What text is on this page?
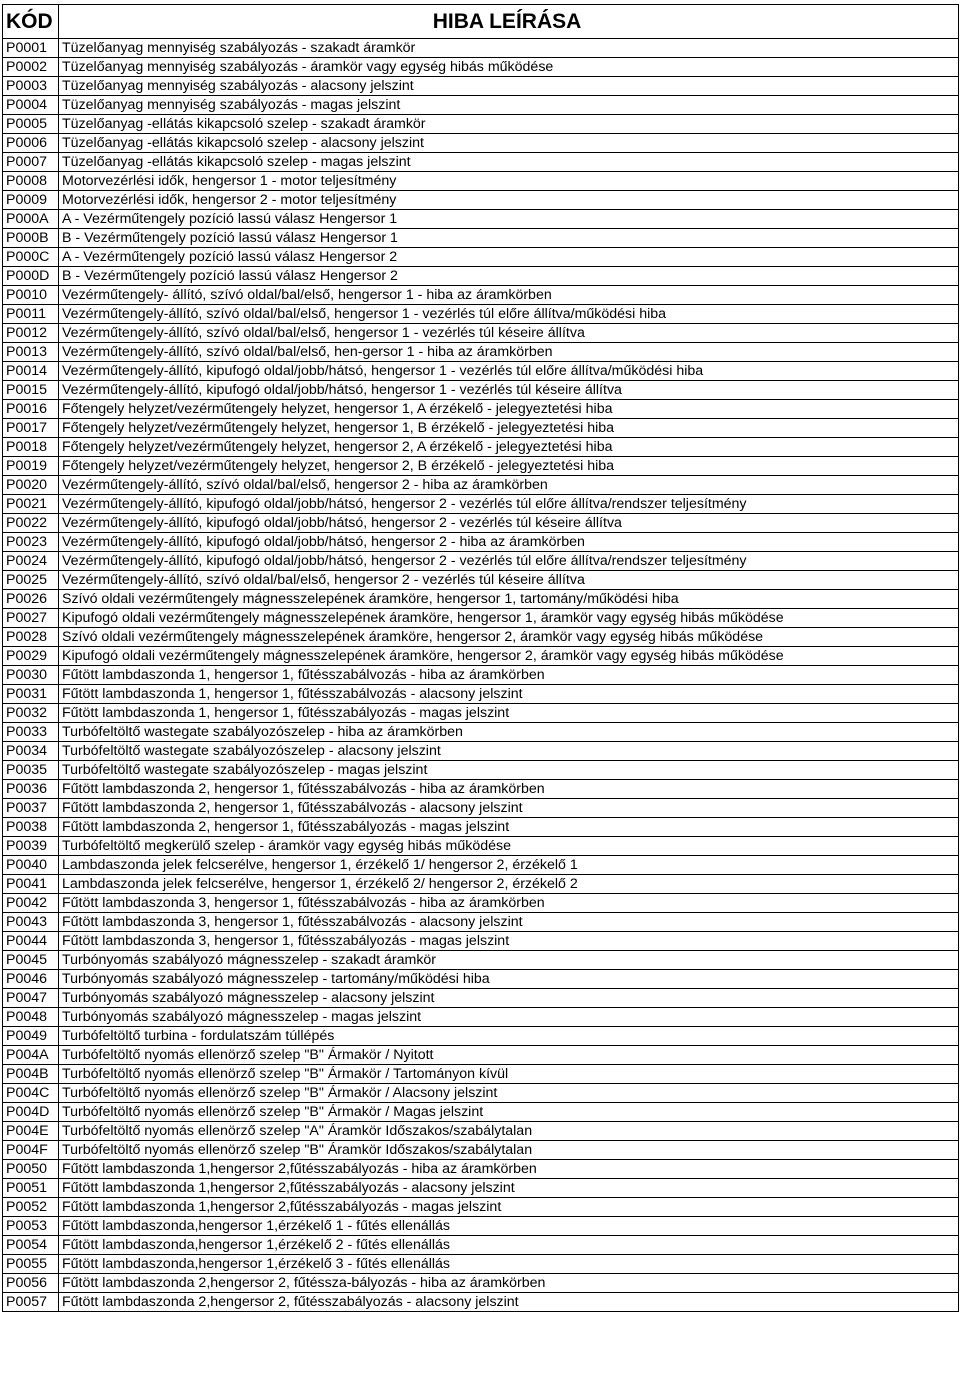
KÓD	HIBA LEÍRÁSA
P0001	Tüzelőanyag mennyiség szabályozás - szakadt áramkör
P0002	Tüzelőanyag mennyiség szabályozás - áramkör vagy egység hibás működése
P0003	Tüzelőanyag mennyiség szabályozás - alacsony jelszint
P0004	Tüzelőanyag mennyiség szabályozás - magas jelszint
P0005	Tüzelőanyag -ellátás kikapcsoló szelep - szakadt áramkör
P0006	Tüzelőanyag -ellátás kikapcsoló szelep - alacsony jelszint
P0007	Tüzelőanyag -ellátás kikapcsoló szelep - magas jelszint
P0008	Motorvezérlési idők, hengersor 1 - motor teljesítmény
P0009	Motorvezérlési idők, hengersor 2 - motor teljesítmény
P000A	A - Vezérműtengely pozíció lassú válasz Hengersor 1
P000B	B - Vezérműtengely pozíció lassú válasz Hengersor 1
P000C	A - Vezérműtengely pozíció lassú válasz Hengersor 2
P000D	B - Vezérműtengely pozíció lassú válasz Hengersor 2
P0010	Vezérműtengely- állító, szívó oldal/bal/első, hengersor 1 - hiba az áramkörben
P0011	Vezérműtengely-állító, szívó oldal/bal/első, hengersor 1 - vezérlés túl előre állítva/működési hiba
P0012	Vezérműtengely-állító, szívó oldal/bal/első, hengersor 1 - vezérlés túl késeire állítva
P0013	Vezérműtengely-állító, szívó oldal/bal/első, hen-gersor 1 - hiba az áramkörben
P0014	Vezérműtengely-állító, kipufogó oldal/jobb/hátsó, hengersor 1 - vezérlés túl előre állítva/működési hiba
P0015	Vezérműtengely-állító, kipufogó oldal/jobb/hátsó, hengersor 1 - vezérlés túl késeire állítva
P0016	Főtengely helyzet/vezérműtengely helyzet, hengersor 1, A érzékelő - jelegyeztetési hiba
P0017	Főtengely helyzet/vezérműtengely helyzet, hengersor 1, B érzékelő - jelegyeztetési hiba
P0018	Főtengely helyzet/vezérműtengely helyzet, hengersor 2, A érzékelő - jelegyeztetési hiba
P0019	Főtengely helyzet/vezérműtengely helyzet, hengersor 2, B érzékelő - jelegyeztetési hiba
P0020	Vezérműtengely-állító, szívó oldal/bal/első, hengersor 2 - hiba az áramkörben
P0021	Vezérműtengely-állító, kipufogó oldal/jobb/hátsó, hengersor 2 - vezérlés túl előre állítva/rendszer teljesítmény
P0022	Vezérműtengely-állító, kipufogó oldal/jobb/hátsó, hengersor 2 - vezérlés túl késeire állítva
P0023	Vezérműtengely-állító, kipufogó oldal/jobb/hátsó, hengersor 2 - hiba az áramkörben
P0024	Vezérműtengely-állító, kipufogó oldal/jobb/hátsó, hengersor 2 - vezérlés túl előre állítva/rendszer teljesítmény
P0025	Vezérműtengely-állító, szívó oldal/bal/első, hengersor 2 - vezérlés túl késeire állítva
P0026	Szívó oldali vezérműtengely mágnesszelepének áramköre, hengersor 1, tartomány/működési hiba
P0027	Kipufogó oldali vezérműtengely mágnesszelepének áramköre, hengersor 1, áramkör vagy egység hibás működése
P0028	Szívó oldali vezérműtengely mágnesszelepének áramköre, hengersor 2, áramkör vagy egység hibás működése
P0029	Kipufogó oldali vezérműtengely mágnesszelepének áramköre, hengersor 2, áramkör vagy egység hibás működése
P0030	Fűtött lambdaszonda 1, hengersor 1, fűtésszabálvozás - hiba az áramkörben
P0031	Fűtött lambdaszonda 1, hengersor 1, fűtésszabálvozás - alacsony jelszint
P0032	Fűtött lambdaszonda 1, hengersor 1, fűtésszabályozás - magas jelszint
P0033	Turbófeltöltő wastegate szabályozószelep - hiba az áramkörben
P0034	Turbófeltöltő wastegate szabályozószelep - alacsony jelszint
P0035	Turbófeltöltő wastegate szabályozószelep - magas jelszint
P0036	Fűtött lambdaszonda 2, hengersor 1, fűtésszabálvozás - hiba az áramkörben
P0037	Fűtött lambdaszonda 2, hengersor 1, fűtésszabálvozás - alacsony jelszint
P0038	Fűtött lambdaszonda 2, hengersor 1, fűtésszabályozás - magas jelszint
P0039	Turbófeltöltő megkerülő szelep - áramkör vagy egység hibás működése
P0040	Lambdaszonda jelek felcserélve, hengersor 1, érzékelő 1/ hengersor 2, érzékelő 1
P0041	Lambdaszonda jelek felcserélve, hengersor 1, érzékelő 2/ hengersor 2, érzékelő 2
P0042	Fűtött lambdaszonda 3, hengersor 1, fűtésszabálvozás - hiba az áramkörben
P0043	Fűtött lambdaszonda 3, hengersor 1, fűtésszabálvozás - alacsony jelszint
P0044	Fűtött lambdaszonda 3, hengersor 1, fűtésszabályozás - magas jelszint
P0045	Turbónyomás szabályozó mágnesszelep - szakadt áramkör
P0046	Turbónyomás szabályozó mágnesszelep - tartomány/működési hiba
P0047	Turbónyomás szabályozó mágnesszelep - alacsony jelszint
P0048	Turbónyomás szabályozó mágnesszelep - magas jelszint
P0049	Turbófeltöltő turbina - fordulatszám túllépés
P004A	Turbófeltöltő nyomás ellenörző szelep "B" Ármakör / Nyitott
P004B	Turbófeltöltő nyomás ellenörző szelep "B" Ármakör / Tartományon kívül
P004C	Turbófeltöltő nyomás ellenörző szelep "B" Ármakör / Alacsony jelszint
P004D	Turbófeltöltő nyomás ellenörző szelep "B" Ármakör / Magas jelszint
P004E	Turbófeltöltő nyomás ellenörző szelep "A" Áramkör Időszakos/szabálytalan
P004F	Turbófeltöltő nyomás ellenörző szelep "B" Áramkör Időszakos/szabálytalan
P0050	Fűtött lambdaszonda 1,hengersor 2,fűtésszabályozás - hiba az áramkörben
P0051	Fűtött lambdaszonda 1,hengersor 2,fűtésszabályozás - alacsony jelszint
P0052	Fűtött lambdaszonda 1,hengersor 2,fűtésszabályozás - magas jelszint
P0053	Fűtött lambdaszonda,hengersor 1,érzékelő 1 - fűtés ellenállás
P0054	Fűtött lambdaszonda,hengersor 1,érzékelő 2 - fűtés ellenállás
P0055	Fűtött lambdaszonda,hengersor 1,érzékelő 3 - fűtés ellenállás
P0056	Fűtött lambdaszonda 2,hengersor 2, fűtéssza-bályozás - hiba az áramkörben
P0057	Fűtött lambdaszonda 2,hengersor 2, fűtésszabályozás - alacsony jelszint
